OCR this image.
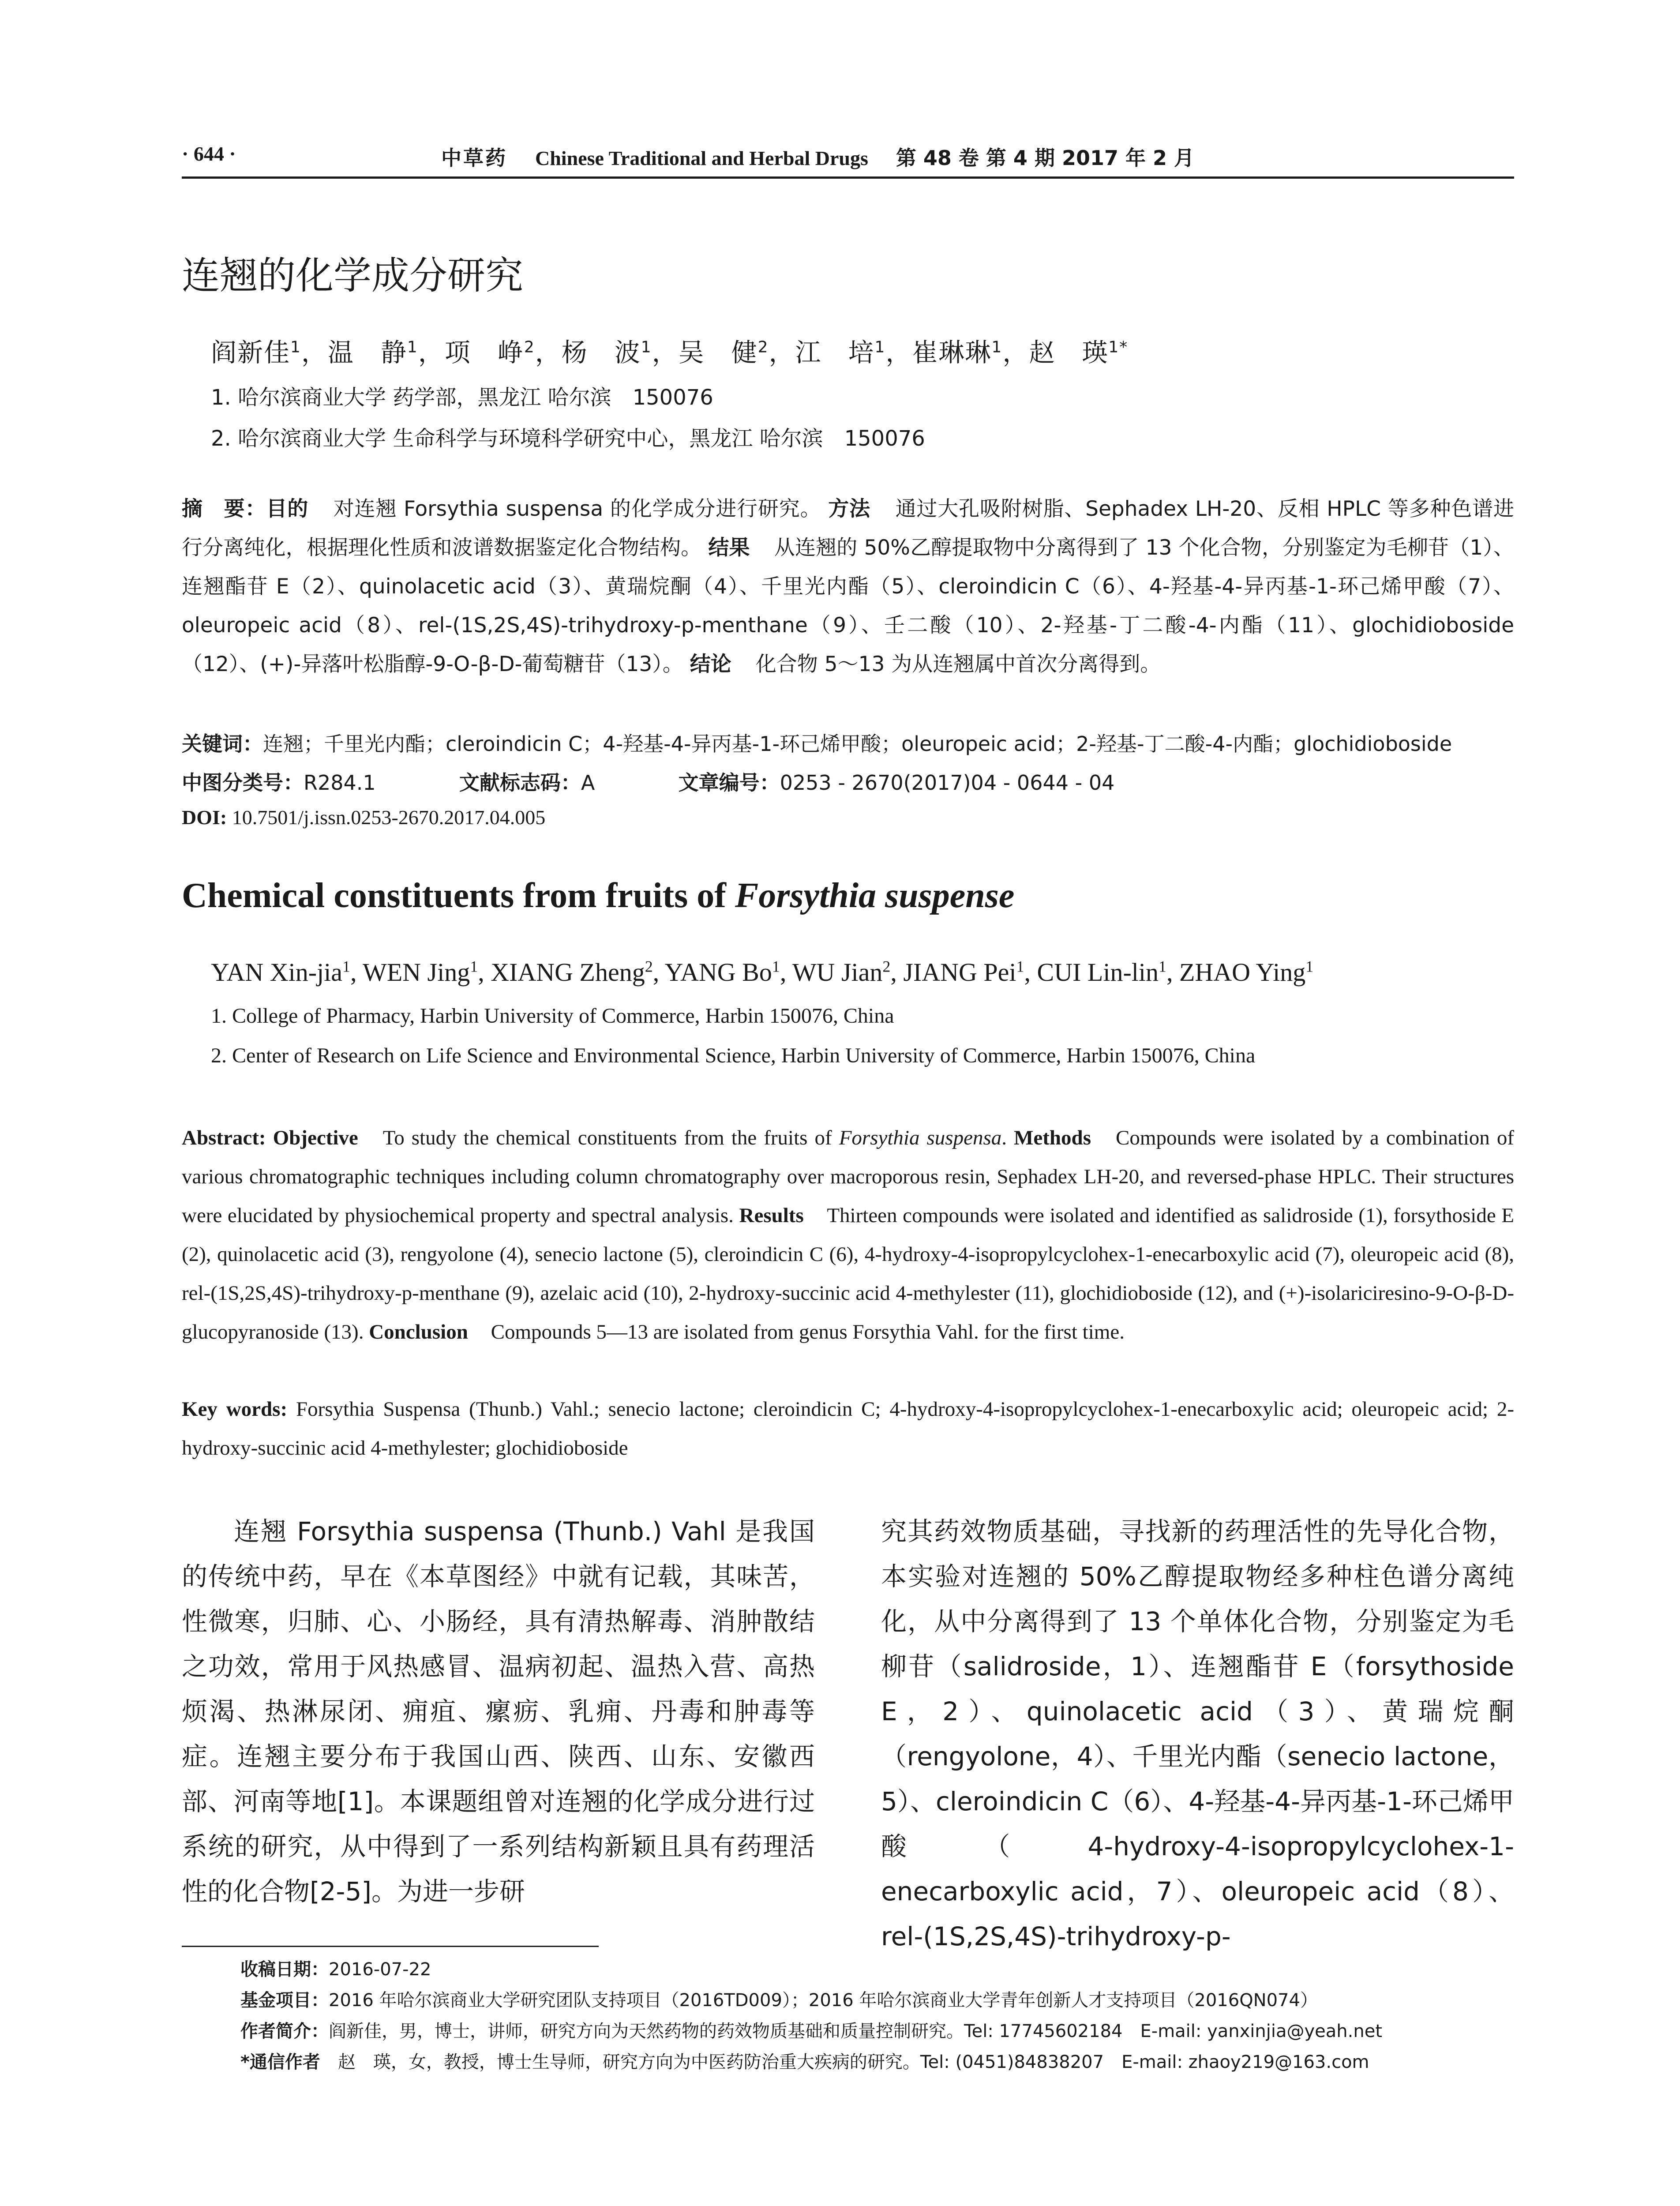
· 644 ·	中草药 Chinese Traditional and Herbal Drugs 第 48 卷 第 4 期 2017 年 2 月
连翘的化学成分研究
阎新佳$^1$，温　静$^1$，项　峥$^2$，杨　波$^1$，吴　健$^2$，江　培$^1$，崔琳琳$^1$，赵　瑛$^{1*}$
1. 哈尔滨商业大学 药学部，黑龙江 哈尔滨　150076
2. 哈尔滨商业大学 生命科学与环境科学研究中心，黑龙江 哈尔滨　150076
摘　要：目的 对连翘 Forsythia suspensa 的化学成分进行研究。 方法 通过大孔吸附树脂、Sephadex LH-20、反相 HPLC 等多种色谱进行分离纯化，根据理化性质和波谱数据鉴定化合物结构。 结果 从连翘的 50%乙醇提取物中分离得到了 13 个化合物，分别鉴定为毛柳苷（1）、连翘酯苷 E（2）、quinolacetic acid（3）、黄瑞烷酮（4）、千里光内酯（5）、cleroindicin C（6）、4-羟基-4-异丙基-1-环己烯甲酸（7）、oleuropeic acid（8）、rel-(1S,2S,4S)-trihydroxy-p-menthane（9）、壬二酸（10）、2-羟基-丁二酸-4-内酯（11）、glochidioboside（12）、(+)-异落叶松脂醇-9-O-β-D-葡萄糖苷（13）。 结论 化合物 5～13 为从连翘属中首次分离得到。
关键词：连翘；千里光内酯；cleroindicin C；4-羟基-4-异丙基-1-环己烯甲酸；oleuropeic acid；2-羟基-丁二酸-4-内酯；glochidioboside
中图分类号：R284.1	文献标志码：A	文章编号：0253 - 2670(2017)04 - 0644 - 04
DOI: 10.7501/j.issn.0253-2670.2017.04.005
Chemical constituents from fruits of Forsythia suspense
YAN Xin-jia$^1$, WEN Jing$^1$, XIANG Zheng$^2$, YANG Bo$^1$, WU Jian$^2$, JIANG Pei$^1$, CUI Lin-lin$^1$, ZHAO Ying$^1$
1. College of Pharmacy, Harbin University of Commerce, Harbin 150076, China
2. Center of Research on Life Science and Environmental Science, Harbin University of Commerce, Harbin 150076, China
Abstract: Objective To study the chemical constituents from the fruits of Forsythia suspensa. Methods Compounds were isolated by a combination of various chromatographic techniques including column chromatography over macroporous resin, Sephadex LH-20, and reversed-phase HPLC. Their structures were elucidated by physiochemical property and spectral analysis. Results Thirteen compounds were isolated and identified as salidroside (1), forsythoside E (2), quinolacetic acid (3), rengyolone (4), senecio lactone (5), cleroindicin C (6), 4-hydroxy-4-isopropylcyclohex-1-enecarboxylic acid (7), oleuropeic acid (8), rel-(1S,2S,4S)-trihydroxy-p-menthane (9), azelaic acid (10), 2-hydroxy-succinic acid 4-methylester (11), glochidioboside (12), and (+)-isolariciresino-9-O-β-D-glucopyranoside (13). Conclusion Compounds 5—13 are isolated from genus Forsythia Vahl. for the first time.
Key words: Forsythia Suspensa (Thunb.) Vahl.; senecio lactone; cleroindicin C; 4-hydroxy-4-isopropylcyclohex-1-enecarboxylic acid; oleuropeic acid; 2-hydroxy-succinic acid 4-methylester; glochidioboside
连翘 Forsythia suspensa (Thunb.) Vahl 是我国的传统中药，早在《本草图经》中就有记载，其味苦，性微寒，归肺、心、小肠经，具有清热解毒、消肿散结之功效，常用于风热感冒、温病初起、温热入营、高热烦渴、热淋尿闭、痈疽、瘰疬、乳痈、丹毒和肿毒等症。连翘主要分布于我国山西、陕西、山东、安徽西部、河南等地[1]。本课题组曾对连翘的化学成分进行过系统的研究，从中得到了一系列结构新颖且具有药理活性的化合物[2-5]。为进一步研
究其药效物质基础，寻找新的药理活性的先导化合物，本实验对连翘的 50%乙醇提取物经多种柱色谱分离纯化，从中分离得到了 13 个单体化合物，分别鉴定为毛柳苷（salidroside，1）、连翘酯苷 E（forsythoside E，2）、quinolacetic acid（3）、黄瑞烷酮（rengyolone，4）、千里光内酯（senecio lactone，5）、cleroindicin C（6）、4-羟基-4-异丙基-1-环己烯甲酸（4-hydroxy-4-isopropylcyclohex-1-enecarboxylic acid，7）、oleuropeic acid（8）、rel-(1S,2S,4S)-trihydroxy-p-
收稿日期：2016-07-22
基金项目：2016 年哈尔滨商业大学研究团队支持项目（2016TD009）；2016 年哈尔滨商业大学青年创新人才支持项目（2016QN074）
作者简介：阎新佳，男，博士，讲师，研究方向为天然药物的药效物质基础和质量控制研究。Tel: 17745602184　E-mail: yanxinjia@yeah.net
*通信作者 赵　瑛，女，教授，博士生导师，研究方向为中医药防治重大疾病的研究。Tel: (0451)84838207　E-mail: zhaoy219@163.com
